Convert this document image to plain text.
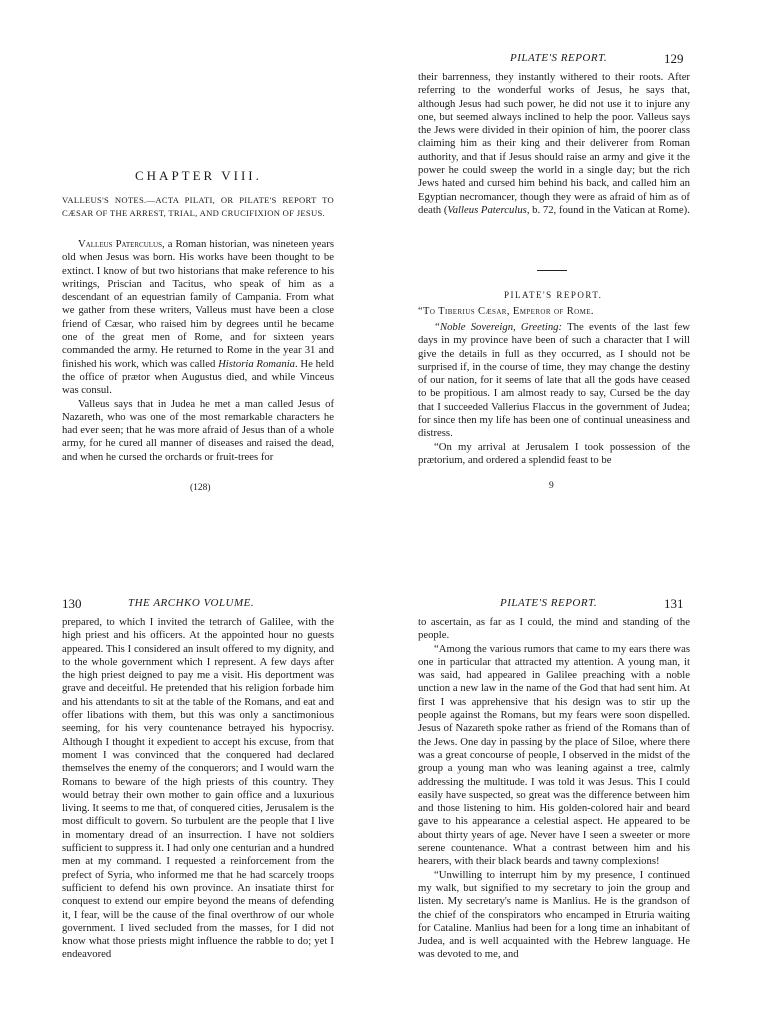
CHAPTER VIII.
VALLEUS'S NOTES.—ACTA PILATI, OR PILATE'S REPORT TO CÆSAR OF THE ARREST, TRIAL, AND CRUCIFIXION OF JESUS.

Valleus Paterculus, a Roman historian, was nineteen years old when Jesus was born. His works have been thought to be extinct. I know of but two historians that make reference to his writings, Priscian and Tacitus, who speak of him as a descendant of an equestrian family of Campania. From what we gather from these writers, Valleus must have been a close friend of Cæsar, who raised him by degrees until he became one of the great men of Rome, and for sixteen years commanded the army. He returned to Rome in the year 31 and finished his work, which was called Historia Romania. He held the office of prætor when Augustus died, and while Vinceus was consul.

Valleus says that in Judea he met a man called Jesus of Nazareth, who was one of the most remarkable characters he had ever seen; that he was more afraid of Jesus than of a whole army, for he cured all manner of diseases and raised the dead, and when he cursed the orchards or fruit-trees for

(128)
PILATE'S REPORT.	129

their barrenness, they instantly withered to their roots. After referring to the wonderful works of Jesus, he says that, although Jesus had such power, he did not use it to injure any one, but seemed always inclined to help the poor. Valleus says the Jews were divided in their opinion of him, the poorer class claiming him as their king and their deliverer from Roman authority, and that if Jesus should raise an army and give it the power he could sweep the world in a single day; but the rich Jews hated and cursed him behind his back, and called him an Egyptian necromancer, though they were as afraid of him as of death (Valleus Paterculus, b. 72, found in the Vatican at Rome).

PILATE'S REPORT.
“To Tiberius Cæsar, Emperor of Rome.

“Noble Sovereign, Greeting: The events of the last few days in my province have been of such a character that I will give the details in full as they occurred, as I should not be surprised if, in the course of time, they may change the destiny of our nation, for it seems of late that all the gods have ceased to be propitious. I am almost ready to say, Cursed be the day that I succeeded Vallerius Flaccus in the government of Judea; for since then my life has been one of continual uneasiness and distress.

“On my arrival at Jerusalem I took possession of the prætorium, and ordered a splendid feast to be

9
130	THE ARCHKO VOLUME.

prepared, to which I invited the tetrarch of Galilee, with the high priest and his officers. At the appointed hour no guests appeared. This I considered an insult offered to my dignity, and to the whole government which I represent. A few days after the high priest deigned to pay me a visit. His deportment was grave and deceitful. He pretended that his religion forbade him and his attendants to sit at the table of the Romans, and eat and offer libations with them, but this was only a sanctimonious seeming, for his very countenance betrayed his hypocrisy. Although I thought it expedient to accept his excuse, from that moment I was convinced that the conquered had declared themselves the enemy of the conquerors; and I would warn the Romans to beware of the high priests of this country. They would betray their own mother to gain office and a luxurious living. It seems to me that, of conquered cities, Jerusalem is the most difficult to govern. So turbulent are the people that I live in momentary dread of an insurrection. I have not soldiers sufficient to suppress it. I had only one centurian and a hundred men at my command. I requested a reinforcement from the prefect of Syria, who informed me that he had scarcely troops sufficient to defend his own province. An insatiate thirst for conquest to extend our empire beyond the means of defending it, I fear, will be the cause of the final overthrow of our whole government. I lived secluded from the masses, for I did not know what those priests might influence the rabble to do; yet I endeavored

PILATE'S REPORT.	131

to ascertain, as far as I could, the mind and standing of the people.

“Among the various rumors that came to my ears there was one in particular that attracted my attention. A young man, it was said, had appeared in Galilee preaching with a noble unction a new law in the name of the God that had sent him. At first I was apprehensive that his design was to stir up the people against the Romans, but my fears were soon dispelled. Jesus of Nazareth spoke rather as friend of the Romans than of the Jews. One day in passing by the place of Siloe, where there was a great concourse of people, I observed in the midst of the group a young man who was leaning against a tree, calmly addressing the multitude. I was told it was Jesus. This I could easily have suspected, so great was the difference between him and those listening to him. His golden-colored hair and beard gave to his appearance a celestial aspect. He appeared to be about thirty years of age. Never have I seen a sweeter or more serene countenance. What a contrast between him and his hearers, with their black beards and tawny complexions!

“Unwilling to interrupt him by my presence, I continued my walk, but signified to my secretary to join the group and listen. My secretary's name is Manlius. He is the grandson of the chief of the conspirators who encamped in Etruria waiting for Cataline. Manlius had been for a long time an inhabitant of Judea, and is well acquainted with the Hebrew language. He was devoted to me, and
